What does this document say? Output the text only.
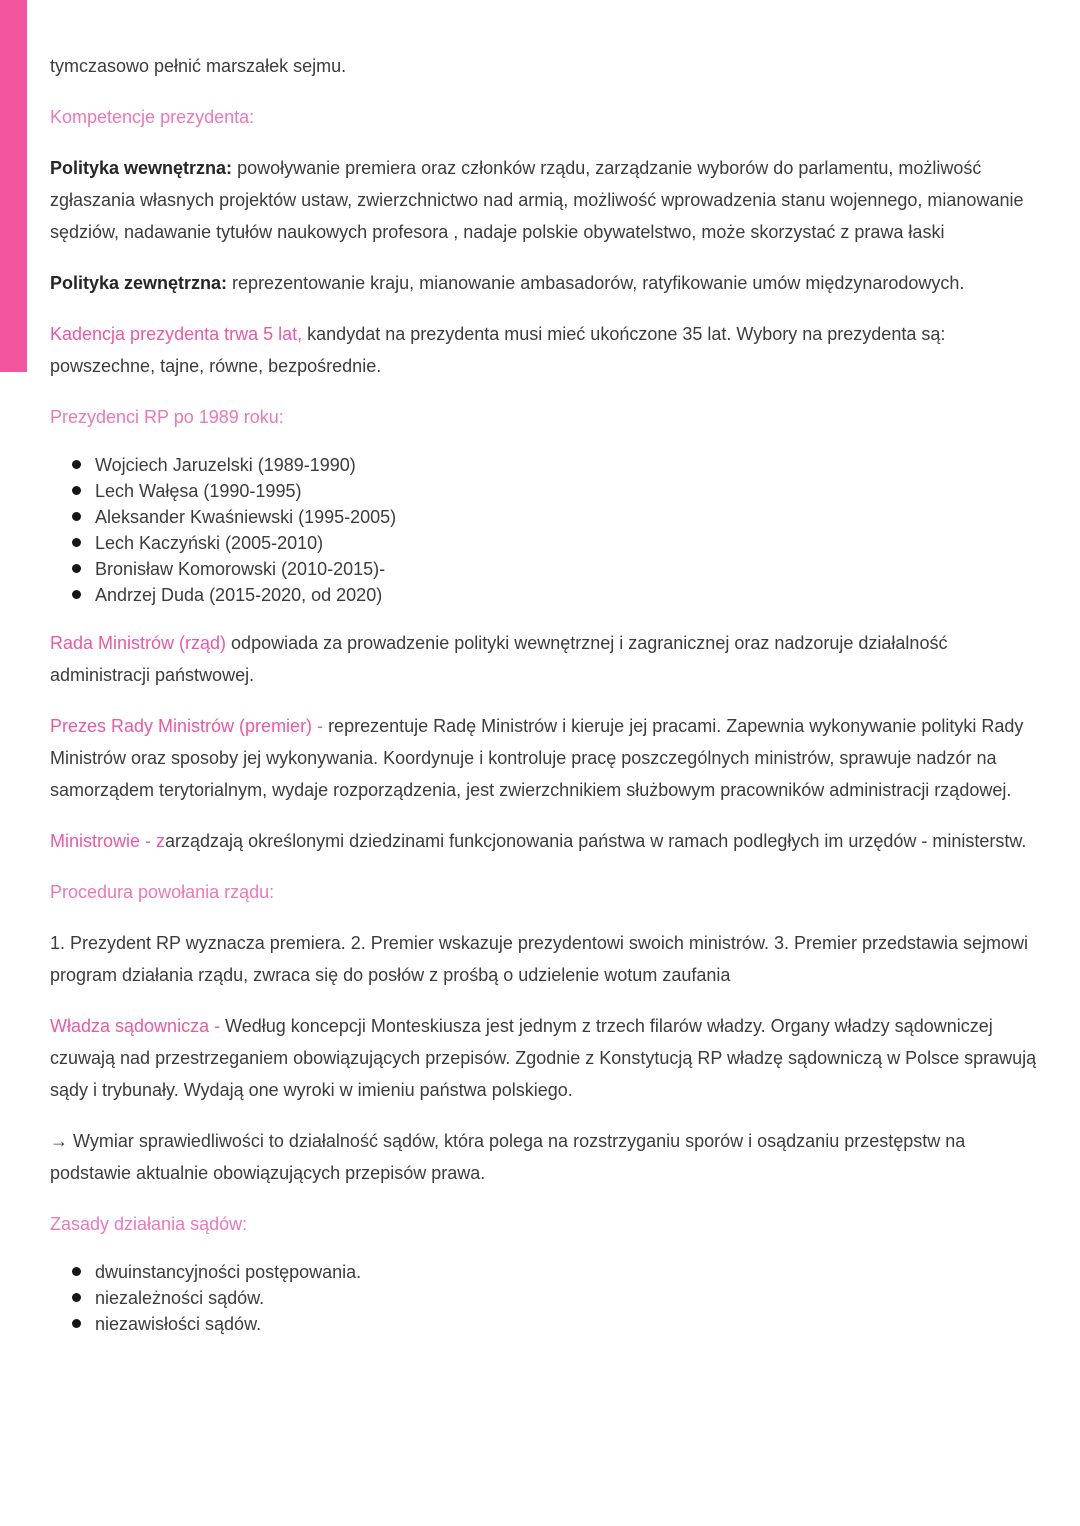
tymczasowo pełnić marszałek sejmu.

Kompetencje prezydenta:

Polityka wewnętrzna: powoływanie premiera oraz członków rządu, zarządzanie wyborów do parlamentu, możliwość zgłaszania własnych projektów ustaw, zwierzchnictwo nad armią, możliwość wprowadzenia stanu wojennego, mianowanie sędziów, nadawanie tytułów naukowych profesora , nadaje polskie obywatelstwo, może skorzystać z prawa łaski

Polityka zewnętrzna: reprezentowanie kraju, mianowanie ambasadorów, ratyfikowanie umów międzynarodowych.

Kadencja prezydenta trwa 5 lat, kandydat na prezydenta musi mieć ukończone 35 lat. Wybory na prezydenta są: powszechne, tajne, równe, bezpośrednie.

Prezydenci RP po 1989 roku:

Wojciech Jaruzelski (1989-1990)
Lech Wałęsa (1990-1995)
Aleksander Kwaśniewski (1995-2005)
Lech Kaczyński (2005-2010)
Bronisław Komorowski (2010-2015)-
Andrzej Duda (2015-2020, od 2020)

Rada Ministrów (rząd) odpowiada za prowadzenie polityki wewnętrznej i zagranicznej oraz nadzoruje działalność administracji państwowej.

Prezes Rady Ministrów (premier) - reprezentuje Radę Ministrów i kieruje jej pracami. Zapewnia wykonywanie polityki Rady Ministrów oraz sposoby jej wykonywania. Koordynuje i kontroluje pracę poszczególnych ministrów, sprawuje nadzór na samorządem terytorialnym, wydaje rozporządzenia, jest zwierzchnikiem służbowym pracowników administracji rządowej.

Ministrowie - zarządzają określonymi dziedzinami funkcjonowania państwa w ramach podległych im urzędów - ministerstw.

Procedura powołania rządu:

1. Prezydent RP wyznacza premiera. 2. Premier wskazuje prezydentowi swoich ministrów. 3. Premier przedstawia sejmowi program działania rządu, zwraca się do posłów z prośbą o udzielenie wotum zaufania

Władza sądownicza - Według koncepcji Monteskiusza jest jednym z trzech filarów władzy. Organy władzy sądowniczej czuwają nad przestrzeganiem obowiązujących przepisów. Zgodnie z Konstytucją RP władzę sądowniczą w Polsce sprawują sądy i trybunały. Wydają one wyroki w imieniu państwa polskiego.

→ Wymiar sprawiedliwości to działalność sądów, która polega na rozstrzyganiu sporów i osądzaniu przestępstw na podstawie aktualnie obowiązujących przepisów prawa.

Zasady działania sądów:

dwuinstancyjności postępowania.
niezależności sądów.
niezawisłości sądów.
